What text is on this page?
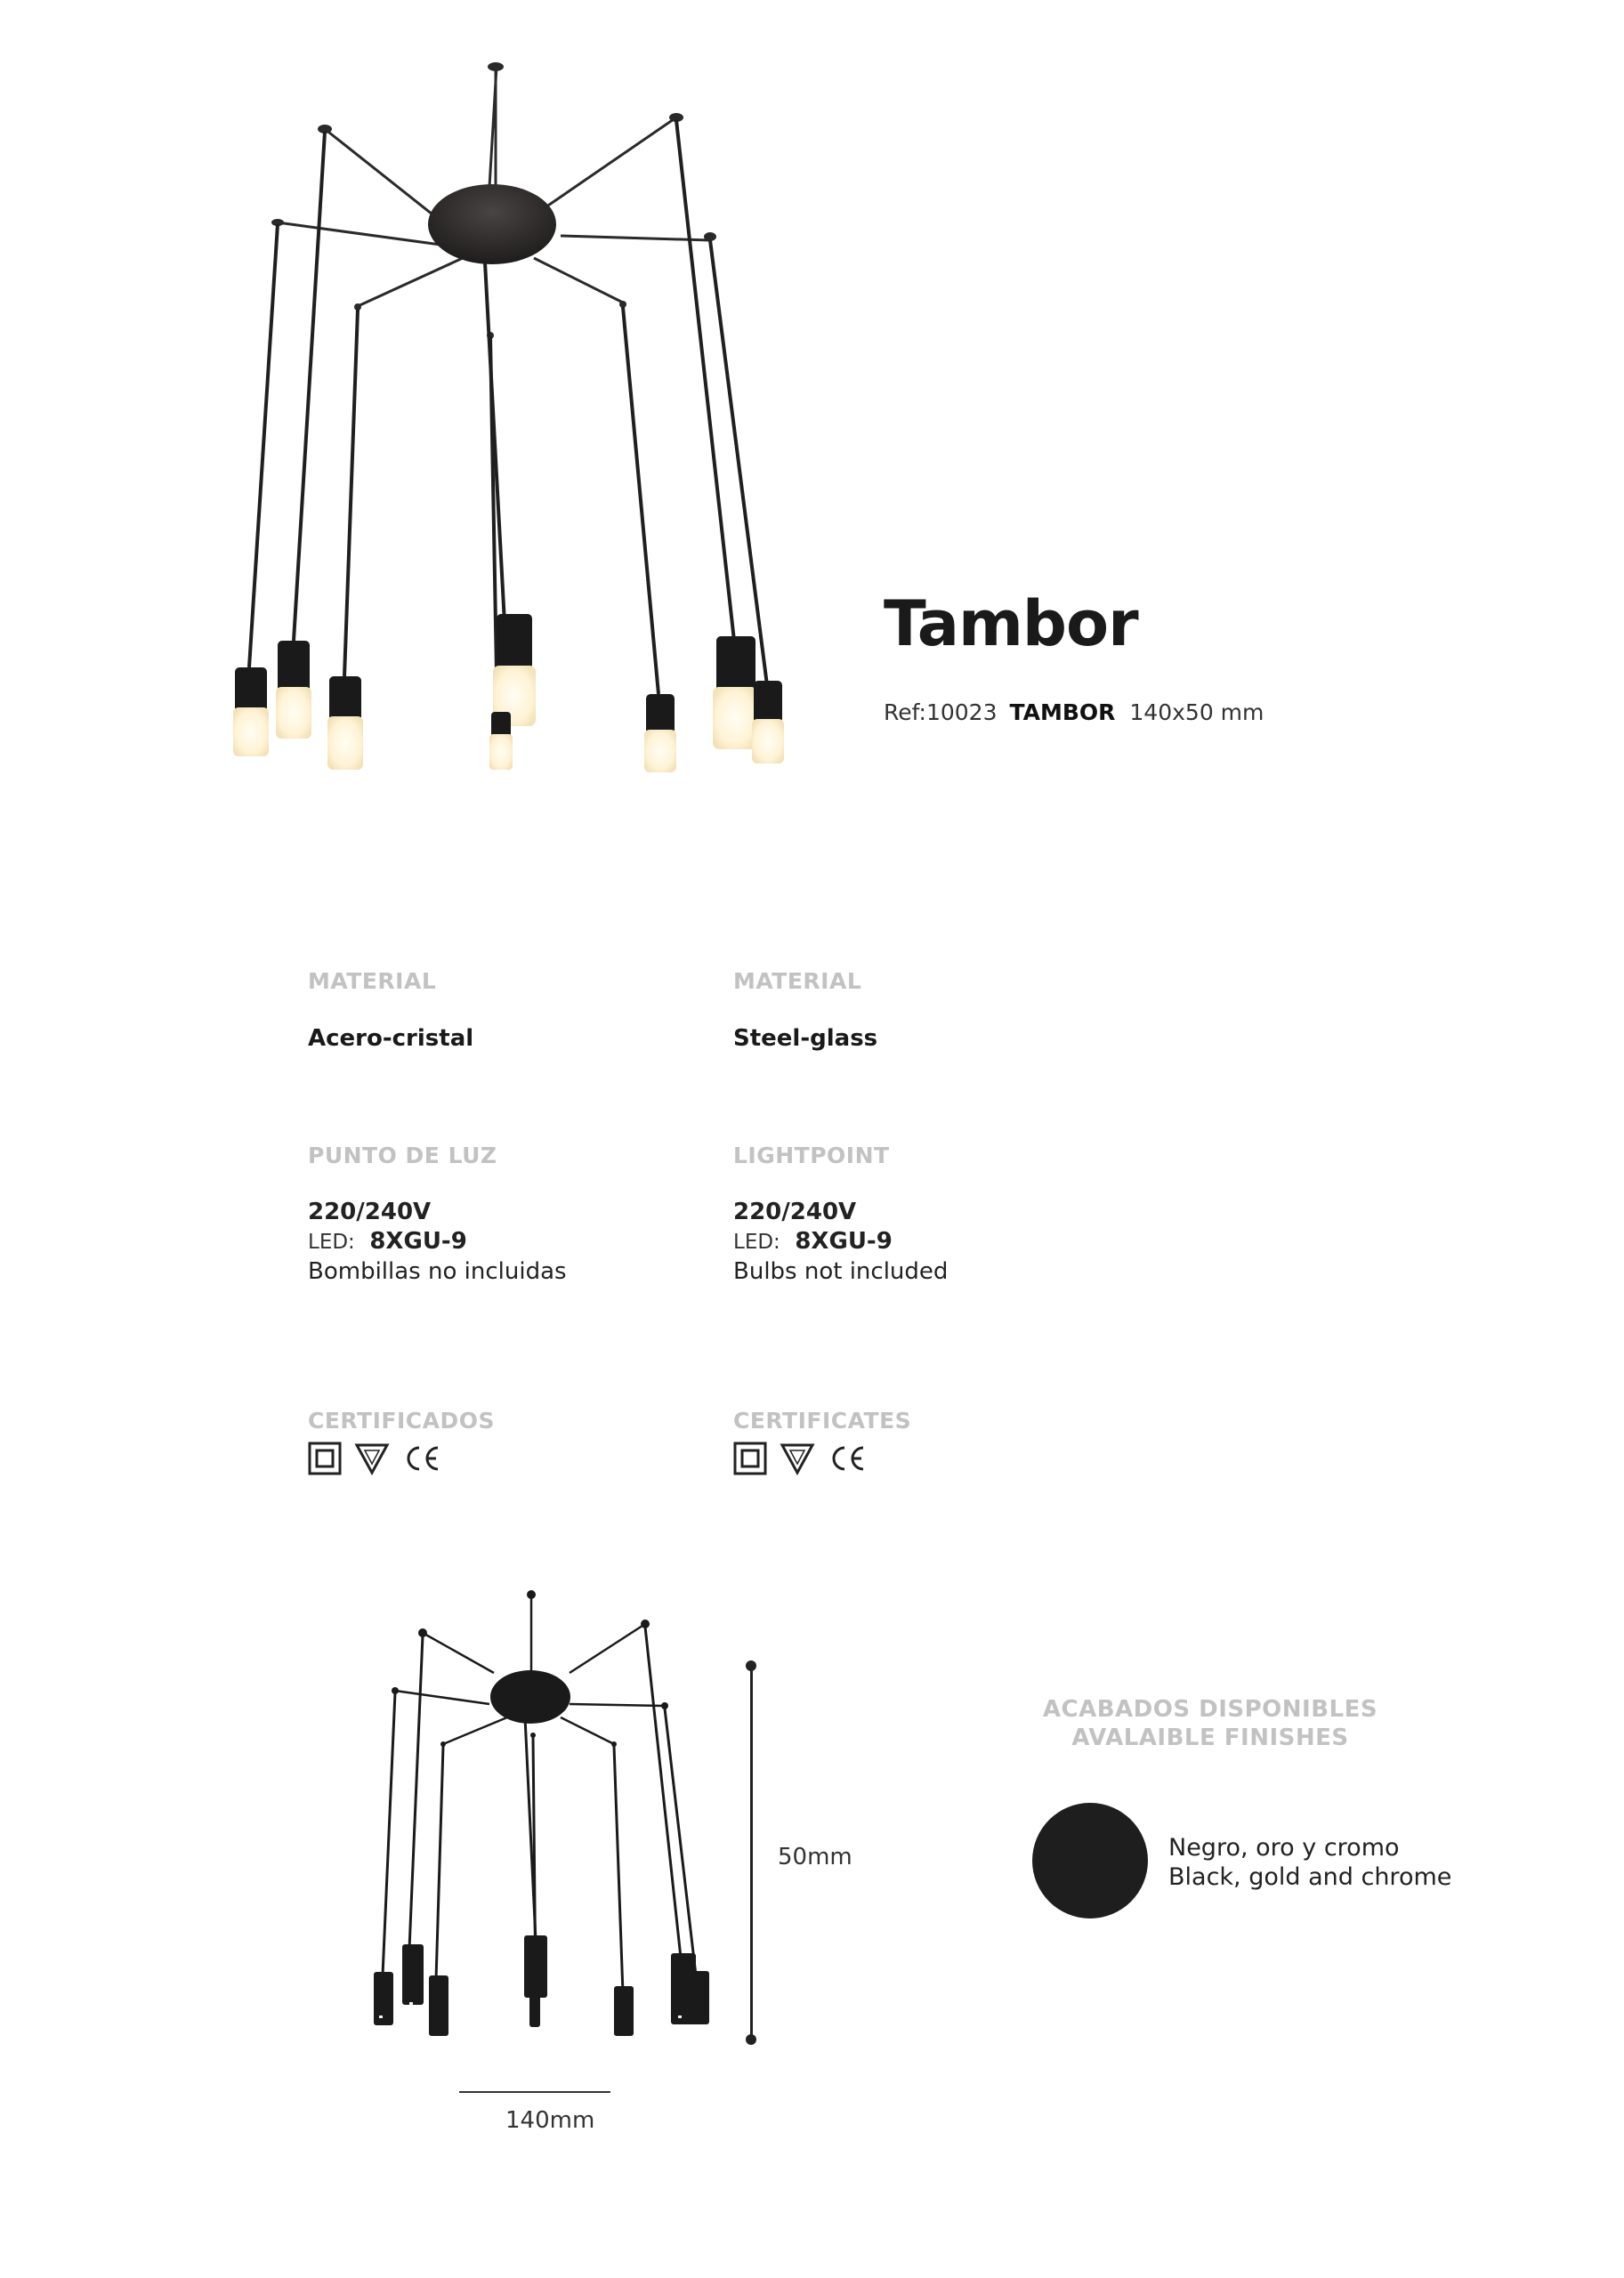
Tambor
Ref:10023 TAMBOR 140x50 mm
MATERIAL
Acero-cristal
PUNTO DE LUZ
220/240V
LED: 8XGU-9
Bombillas no incluidas
CERTIFICADOS
MATERIAL
Steel-glass
LIGHTPOINT
220/240V
LED: 8XGU-9
Bulbs not included
CERTIFICATES
50mm
140mm
ACABADOS DISPONIBLES
AVALAIBLE FINISHES
Negro, oro y cromo
Black, gold and chrome
